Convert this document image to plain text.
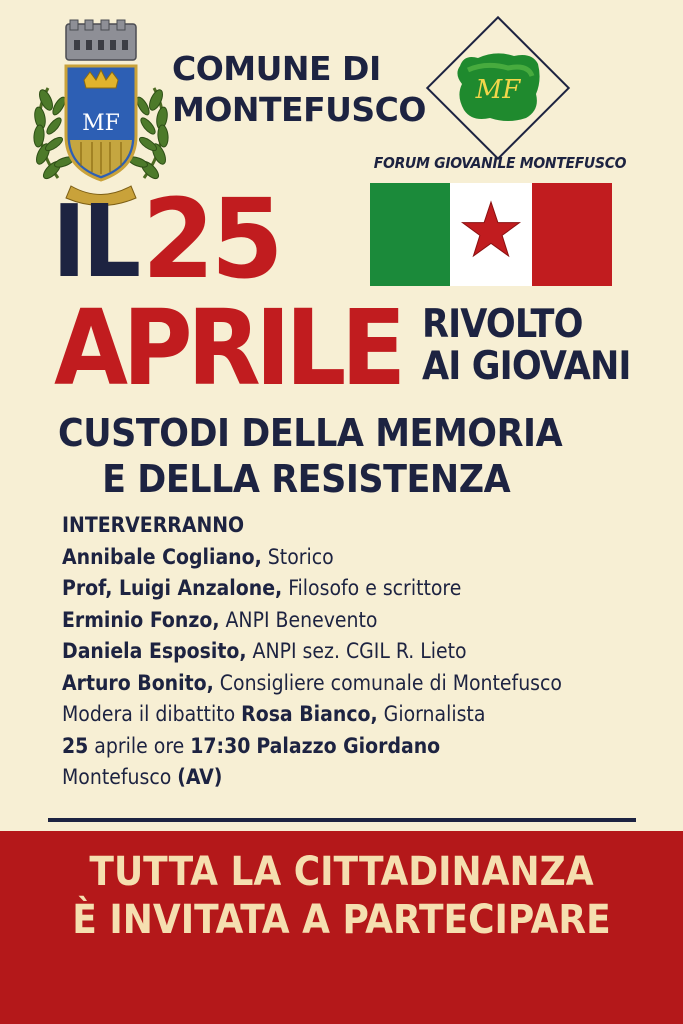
MF
COMUNE DI
MONTEFUSCO MF
FORUM GIOVANILE MONTEFUSCO
IL 25
APRILE RIVOLTO
AI GIOVANI
CUSTODI DELLA MEMORIA
E DELLA RESISTENZA
INTERVERRANNO
Annibale Cogliano, Storico
Prof, Luigi Anzalone, Filosofo e scrittore
Erminio Fonzo, ANPI Benevento
Daniela Esposito, ANPI sez. CGIL R. Lieto
Arturo Bonito, Consigliere comunale di Montefusco
Modera il dibattito Rosa Bianco, Giornalista
25 aprile ore 17:30 Palazzo Giordano
Montefusco (AV)
TUTTA LA CITTADINANZA
È INVITATA A PARTECIPARE
